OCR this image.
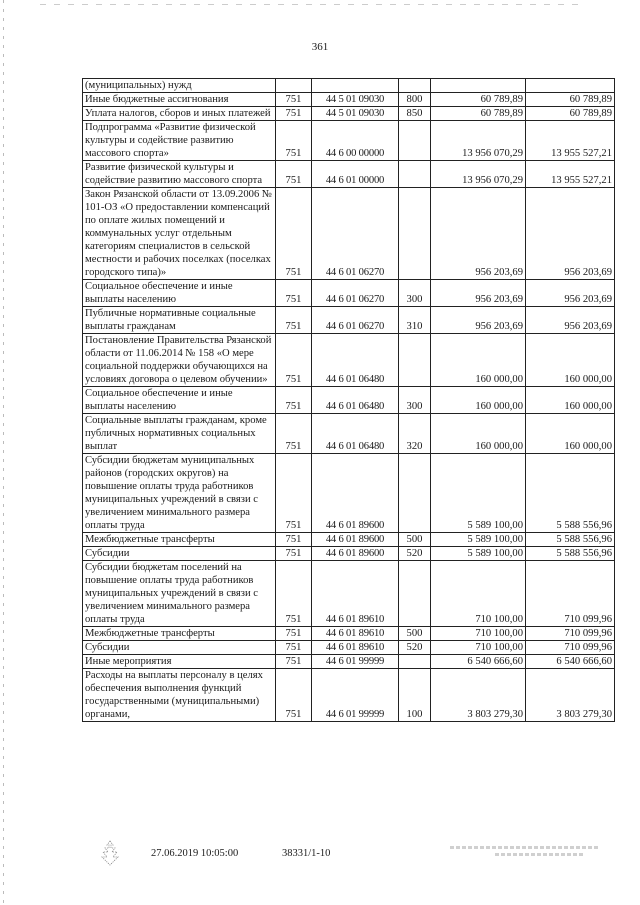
361
(муниципальных) нужд					
Иные бюджетные ассигнования	751	44 5 01 09030	800	60 789,89	60 789,89
Уплата налогов, сборов и иных платежей	751	44 5 01 09030	850	60 789,89	60 789,89
Подпрограмма «Развитие физической культуры и содействие развитию массового спорта»	751	44 6 00 00000		13 956 070,29	13 955 527,21
Развитие физической культуры и содействие развитию массового спорта	751	44 6 01 00000		13 956 070,29	13 955 527,21
Закон Рязанской области от 13.09.2006 № 101-ОЗ «О предоставлении компенсаций по оплате жилых помещений и коммунальных услуг отдельным категориям специалистов в сельской местности и рабочих поселках (поселках городского типа)»	751	44 6 01 06270		956 203,69	956 203,69
Социальное обеспечение и иные выплаты населению	751	44 6 01 06270	300	956 203,69	956 203,69
Публичные нормативные социальные выплаты гражданам	751	44 6 01 06270	310	956 203,69	956 203,69
Постановление Правительства Рязанской области от 11.06.2014 № 158 «О мере социальной поддержки обучающихся на условиях договора о целевом обучении»	751	44 6 01 06480		160 000,00	160 000,00
Социальное обеспечение и иные выплаты населению	751	44 6 01 06480	300	160 000,00	160 000,00
Социальные выплаты гражданам, кроме публичных нормативных социальных выплат	751	44 6 01 06480	320	160 000,00	160 000,00
Субсидии бюджетам муниципальных районов (городских округов) на повышение оплаты труда работников муниципальных учреждений в связи с увеличением минимального размера оплаты труда	751	44 6 01 89600		5 589 100,00	5 588 556,96
Межбюджетные трансферты	751	44 6 01 89600	500	5 589 100,00	5 588 556,96
Субсидии	751	44 6 01 89600	520	5 589 100,00	5 588 556,96
Субсидии бюджетам поселений на повышение оплаты труда работников муниципальных учреждений в связи с увеличением минимального размера оплаты труда	751	44 6 01 89610		710 100,00	710 099,96
Межбюджетные трансферты	751	44 6 01 89610	500	710 100,00	710 099,96
Субсидии	751	44 6 01 89610	520	710 100,00	710 099,96
Иные мероприятия	751	44 6 01 99999		6 540 666,60	6 540 666,60
Расходы на выплаты персоналу в целях обеспечения выполнения функций государственными (муниципальными) органами,	751	44 6 01 99999	100	3 803 279,30	3 803 279,30
27.06.2019 10:05:00	38331/1-10
